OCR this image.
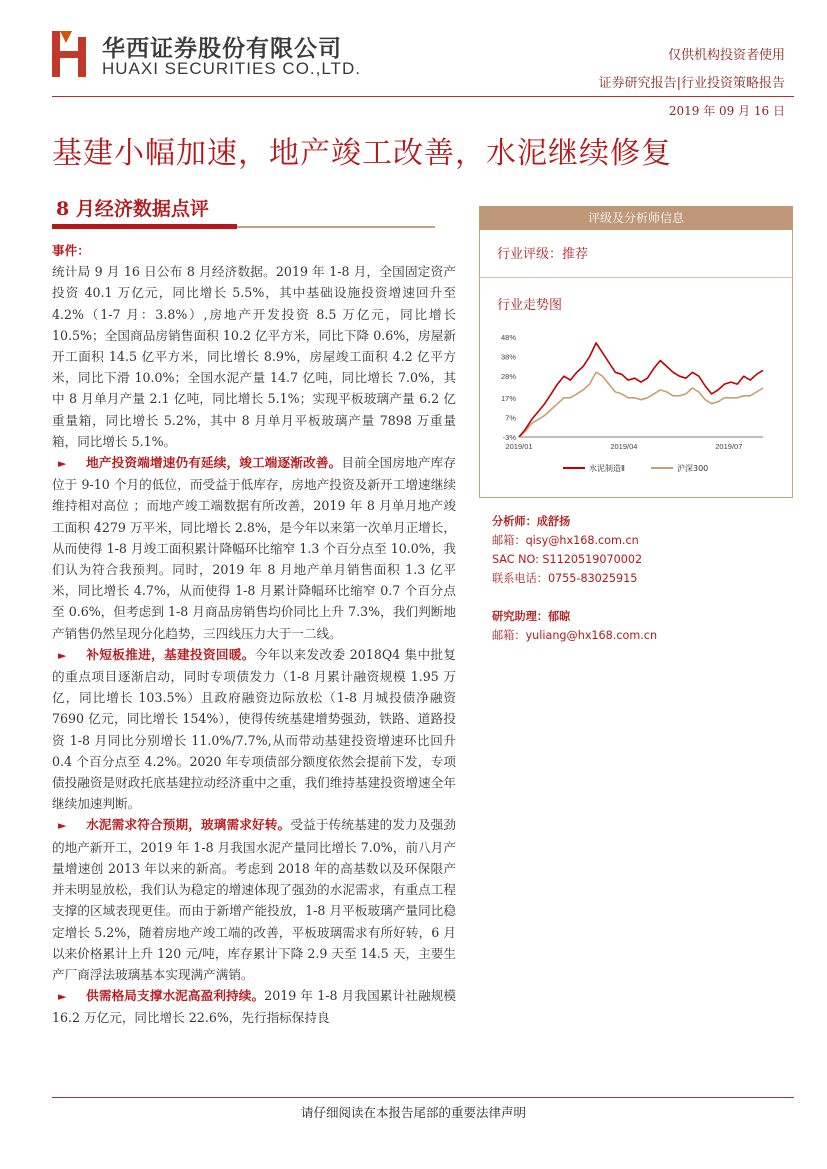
华西证券股份有限公司
HUAXI SECURITIES CO.,LTD.
仅供机构投资者使用
证券研究报告|行业投资策略报告
2019 年 09 月 16 日
基建小幅加速，地产竣工改善，水泥继续修复
8 月经济数据点评

事件：

统计局 9 月 16 日公布 8 月经济数据。2019 年 1-8 月，全国固定资产投资 40.1 万亿元，同比增长 5.5%，其中基础设施投资增速回升至 4.2%（1-7 月：3.8%）,房地产开发投资 8.5 万亿元，同比增长 10.5%；全国商品房销售面积 10.2 亿平方米，同比下降 0.6%，房屋新开工面积 14.5 亿平方米，同比增长 8.9%，房屋竣工面积 4.2 亿平方米，同比下滑 10.0%；全国水泥产量 14.7 亿吨，同比增长 7.0%，其中 8 月单月产量 2.1 亿吨，同比增长 5.1%；实现平板玻璃产量 6.2 亿重量箱，同比增长 5.2%，其中 8 月单月平板玻璃产量 7898 万重量箱，同比增长 5.1%。

► 地产投资端增速仍有延续，竣工端逐渐改善。目前全国房地产库存位于 9-10 个月的低位，而受益于低库存，房地产投资及新开工增速继续维持相对高位 ；而地产竣工端数据有所改善，2019 年 8 月单月地产竣工面积 4279 万平米，同比增长 2.8%，是今年以来第一次单月正增长，从而使得 1-8 月竣工面积累计降幅环比缩窄 1.3 个百分点至 10.0%，我们认为符合我预判。同时，2019 年 8 月地产单月销售面积 1.3 亿平米，同比增长 4.7%，从而使得 1-8 月累计降幅环比缩窄 0.7 个百分点至 0.6%，但考虑到 1-8 月商品房销售均价同比上升 7.3%，我们判断地产销售仍然呈现分化趋势，三四线压力大于一二线。

► 补短板推进，基建投资回暖。今年以来发改委 2018Q4 集中批复的重点项目逐渐启动，同时专项债发力（1-8 月累计融资规模 1.95 万亿，同比增长 103.5%）且政府融资边际放松（1-8 月城投债净融资 7690 亿元，同比增长 154%），使得传统基建增势强劲，铁路、道路投资 1-8 月同比分别增长 11.0%/7.7%,从而带动基建投资增速环比回升 0.4 个百分点至 4.2%。2020 年专项债部分额度依然会提前下发，专项债投融资是财政托底基建拉动经济重中之重，我们维持基建投资增速全年继续加速判断。

► 水泥需求符合预期，玻璃需求好转。受益于传统基建的发力及强劲的地产新开工，2019 年 1-8 月我国水泥产量同比增长 7.0%，前八月产量增速创 2013 年以来的新高。考虑到 2018 年的高基数以及环保限产并未明显放松，我们认为稳定的增速体现了强劲的水泥需求，有重点工程支撑的区域表现更佳。而由于新增产能投放，1-8 月平板玻璃产量同比稳定增长 5.2%，随着房地产竣工端的改善，平板玻璃需求有所好转，6 月以来价格累计上升 120 元/吨，库存累计下降 2.9 天至 14.5 天，主要生产厂商浮法玻璃基本实现满产满销。

► 供需格局支撑水泥高盈利持续。2019 年 1-8 月我国累计社融规模 16.2 万亿元，同比增长 22.6%，先行指标保持良

评级及分析师信息
行业评级：推荐
行业走势图
48%
38%
28%
17%
7%
-3%
2019/01	2019/04	2019/07
水泥制造Ⅱ	沪深300
分析师：成舒扬
邮箱：qisy@hx168.com.cn
SAC NO: S1120519070002
联系电话：0755-83025915
研究助理：郁晾
邮箱：yuliang@hx168.com.cn
请仔细阅读在本报告尾部的重要法律声明
